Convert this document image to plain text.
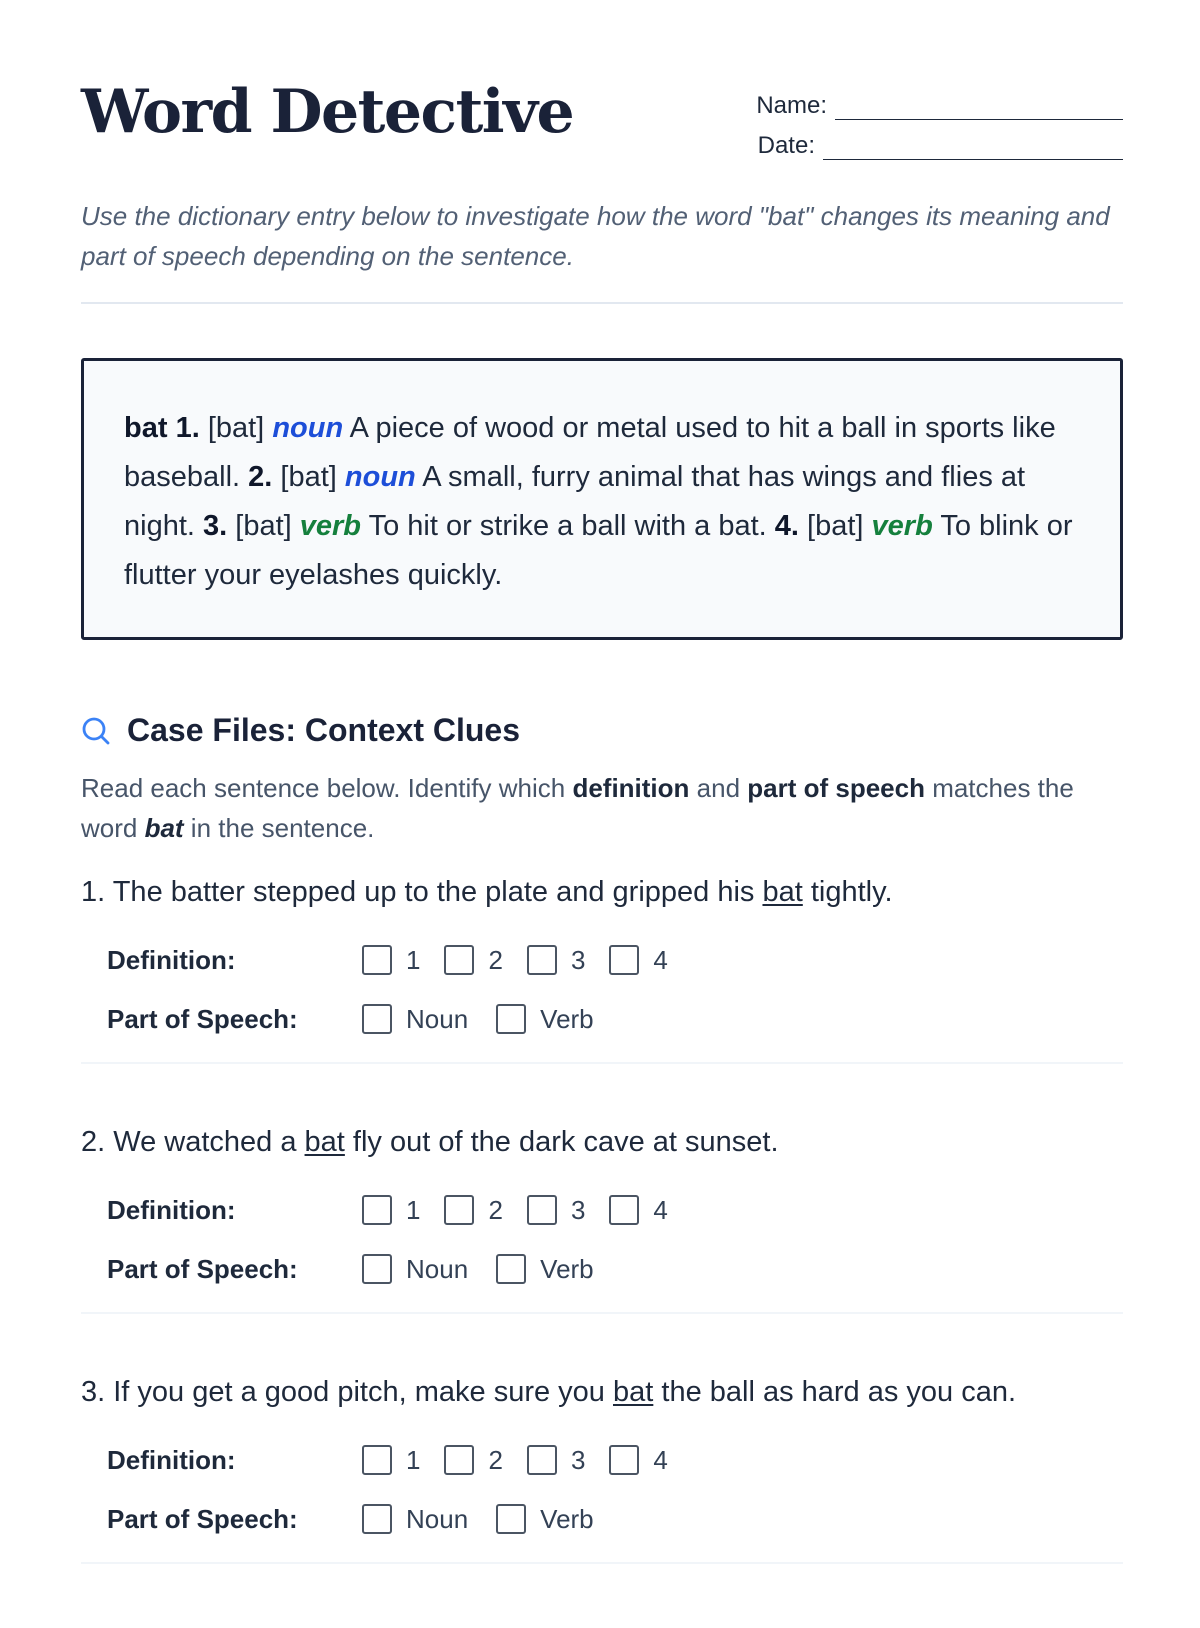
Word Detective	Name:
Date:

Use the dictionary entry below to investigate how the word "bat" changes its meaning and part of speech depending on the sentence.

bat 1. [bat] noun A piece of wood or metal used to hit a ball in sports like baseball. 2. [bat] noun A small, furry animal that has wings and flies at night. 3. [bat] verb To hit or strike a ball with a bat. 4. [bat] verb To blink or flutter your eyelashes quickly.
Case Files: Context Clues

Read each sentence below. Identify which definition and part of speech matches the word bat in the sentence.

1. The batter stepped up to the plate and gripped his bat tightly.
Definition:	1	2	3	4
Part of Speech:	Noun	Verb
2. We watched a bat fly out of the dark cave at sunset.
Definition:	1	2	3	4
Part of Speech:	Noun	Verb
3. If you get a good pitch, make sure you bat the ball as hard as you can.
Definition:	1	2	3	4
Part of Speech:	Noun	Verb
